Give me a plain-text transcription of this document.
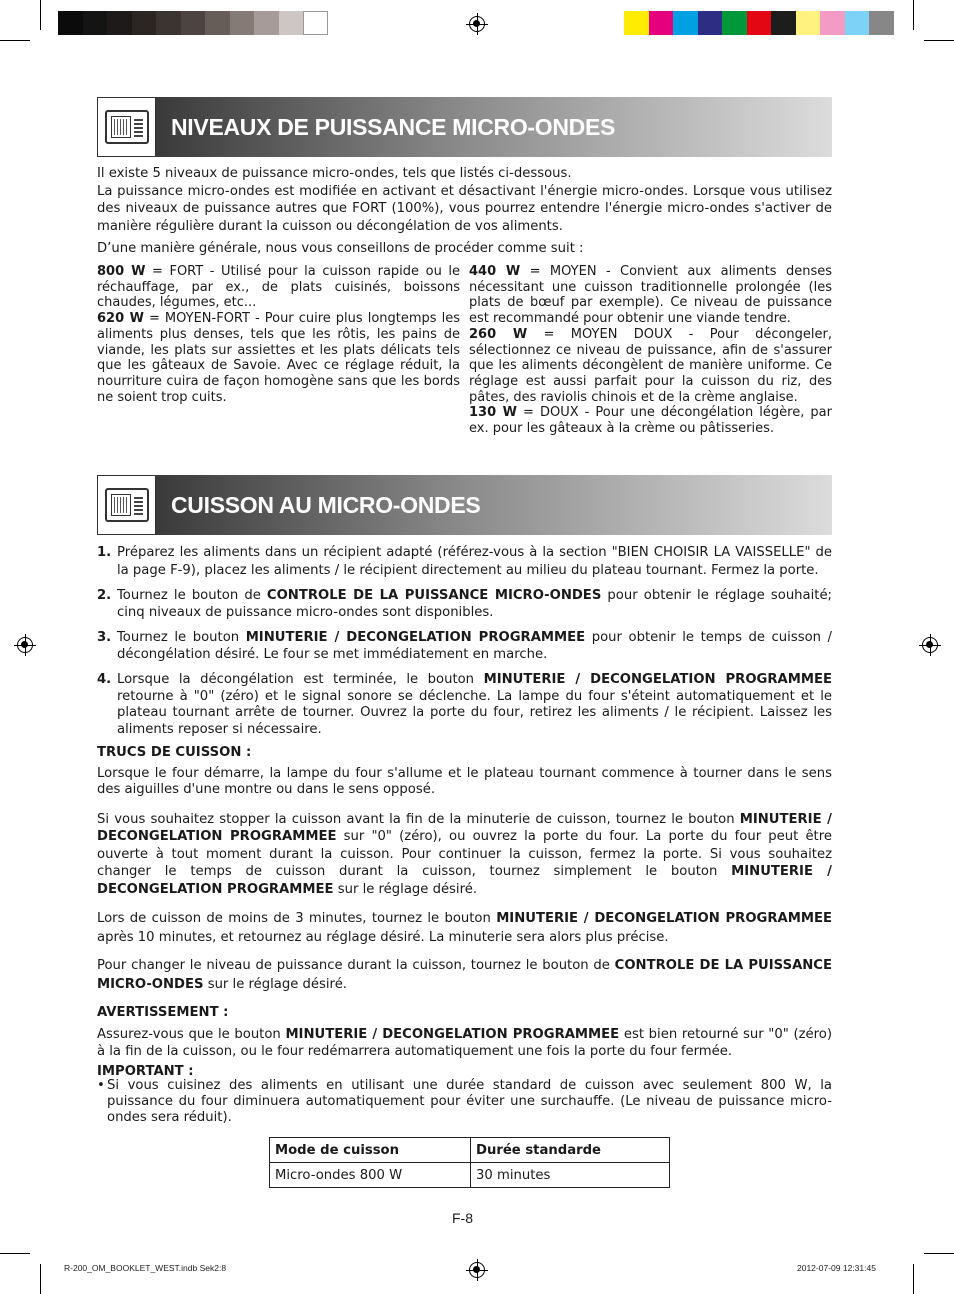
NIVEAUX DE PUISSANCE MICRO-ONDES

Il existe 5 niveaux de puissance micro-ondes, tels que listés ci-dessous.

La puissance micro-ondes est modifiée en activant et désactivant l'énergie micro-ondes. Lorsque vous utilisez des niveaux de puissance autres que FORT (100%), vous pourrez entendre l'énergie micro-ondes s'activer de manière régulière durant la cuisson ou décongélation de vos aliments.

D’une manière générale, nous vous conseillons de procéder comme suit :

800 W = FORT - Utilisé pour la cuisson rapide ou le réchauffage, par ex., de plats cuisinés, boissons chaudes, légumes, etc...

620 W = MOYEN-FORT - Pour cuire plus longtemps les aliments plus denses, tels que les rôtis, les pains de viande, les plats sur assiettes et les plats délicats tels que les gâteaux de Savoie. Avec ce réglage réduit, la nourriture cuira de façon homogène sans que les bords ne soient trop cuits.

440 W = MOYEN - Convient aux aliments denses nécessitant une cuisson traditionnelle prolongée (les plats de bœuf par exemple). Ce niveau de puissance est recommandé pour obtenir une viande tendre.

260 W = MOYEN DOUX - Pour décongeler, sélectionnez ce niveau de puissance, afin de s'assurer que les aliments décongèlent de manière uniforme. Ce réglage est aussi parfait pour la cuisson du riz, des pâtes, des raviolis chinois et de la crème anglaise.

130 W = DOUX - Pour une décongélation légère, par ex. pour les gâteaux à la crème ou pâtisseries.

CUISSON AU MICRO-ONDES
1. Préparez les aliments dans un récipient adapté (référez-vous à la section "BIEN CHOISIR LA VAISSELLE" de la page F-9), placez les aliments / le récipient directement au milieu du plateau tournant. Fermez la porte.
2. Tournez le bouton de CONTROLE DE LA PUISSANCE MICRO-ONDES pour obtenir le réglage souhaité; cinq niveaux de puissance micro-ondes sont disponibles.
3. Tournez le bouton MINUTERIE / DECONGELATION PROGRAMMEE pour obtenir le temps de cuisson / décongélation désiré. Le four se met immédiatement en marche.
4. Lorsque la décongélation est terminée, le bouton MINUTERIE / DECONGELATION PROGRAMMEE retourne à "0" (zéro) et le signal sonore se déclenche. La lampe du four s'éteint automatiquement et le plateau tournant arrête de tourner. Ouvrez la porte du four, retirez les aliments / le récipient. Laissez les aliments reposer si nécessaire.

TRUCS DE CUISSON :

Lorsque le four démarre, la lampe du four s'allume et le plateau tournant commence à tourner dans le sens des aiguilles d'une montre ou dans le sens opposé.

Si vous souhaitez stopper la cuisson avant la fin de la minuterie de cuisson, tournez le bouton MINUTERIE / DECONGELATION PROGRAMMEE sur "0" (zéro), ou ouvrez la porte du four. La porte du four peut être ouverte à tout moment durant la cuisson. Pour continuer la cuisson, fermez la porte. Si vous souhaitez changer le temps de cuisson durant la cuisson, tournez simplement le bouton MINUTERIE / DECONGELATION PROGRAMMEE sur le réglage désiré.

Lors de cuisson de moins de 3 minutes, tournez le bouton MINUTERIE / DECONGELATION PROGRAMMEE après 10 minutes, et retournez au réglage désiré. La minuterie sera alors plus précise.

Pour changer le niveau de puissance durant la cuisson, tournez le bouton de CONTROLE DE LA PUISSANCE MICRO-ONDES sur le réglage désiré.

AVERTISSEMENT :

Assurez-vous que le bouton MINUTERIE / DECONGELATION PROGRAMMEE est bien retourné sur "0" (zéro) à la fin de la cuisson, ou le four redémarrera automatiquement une fois la porte du four fermée.

IMPORTANT :

• Si vous cuisinez des aliments en utilisant une durée standard de cuisson avec seulement 800 W, la puissance du four diminuera automatiquement pour éviter une surchauffe. (Le niveau de puissance micro-ondes sera réduit).
Mode de cuisson	Durée standarde
Micro-ondes 800 W	30 minutes
F-8
R-200_OM_BOOKLET_WEST.indb Sek2:8	2012-07-09 12:31:45
